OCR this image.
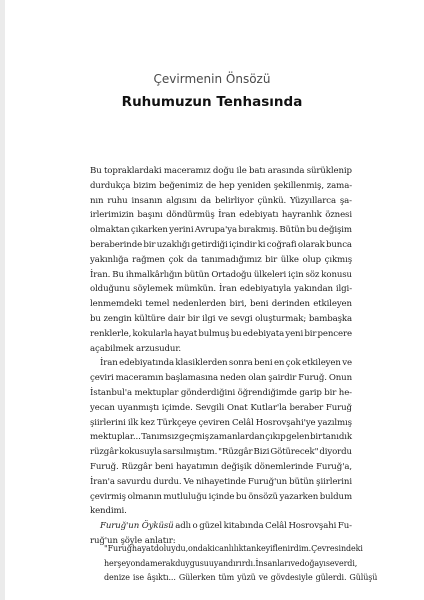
Çevirmenin Önsözü
Ruhumuzun Tenhasında
Bu topraklardaki maceramız doğu ile batı arasında sürüklenip
durdukça bizim beğenimiz de hep yeniden şekillenmiş, zama-
nın ruhu insanın algısını da belirliyor çünkü. Yüzyıllarca şa-
irlerimizin başını döndürmüş İran edebiyatı hayranlık öznesi
olmaktan çıkarken yerini Avrupa'ya bırakmış. Bütün bu değişim
beraberinde bir uzaklığı getirdiği içindir ki coğrafi olarak bunca
yakınlığa rağmen çok da tanımadığımız bir ülke olup çıkmış
İran. Bu ihmalkârlığın bütün Ortadoğu ülkeleri için söz konusu
olduğunu söylemek mümkün. İran edebiyatıyla yakından ilgi-
lenmemdeki temel nedenlerden biri, beni derinden etkileyen
bu zengin kültüre dair bir ilgi ve sevgi oluşturmak; bambaşka
renklerle, kokularla hayat bulmuş bu edebiyata yeni bir pencere
açabilmek arzusudur.
İran edebiyatında klasiklerden sonra beni en çok etkileyen ve
çeviri maceramın başlamasına neden olan şairdir Furuğ. Onun
İstanbul'a mektuplar gönderdiğini öğrendiğimde garip bir he-
yecan uyanmıştı içimde. Sevgili Onat Kutlar'la beraber Furuğ
şiirlerini ilk kez Türkçeye çeviren Celâl Hosrovşahi'ye yazılmış
mektuplar... Tanımsız geçmiş zamanlardan çıkıp gelen bir tanıdık
rüzgâr kokusuyla sarsılmıştım. "Rüzgâr Bizi Götürecek" diyordu
Furuğ. Rüzgâr beni hayatımın değişik dönemlerinde Furuğ'a,
İran'a savurdu durdu. Ve nihayetinde Furuğ'un bütün şiirlerini
çevirmiş olmanın mutluluğu içinde bu önsözü yazarken buldum
kendimi.
Furuğ'un Öyküsü adlı o güzel kitabında Celâl Hosrovşahi Fu-
ruğ'un şöyle anlatır:
"Furuğ hayat doluydu, ondaki canlılıktan keyiflenirdim. Çevresindeki
her şey onda merak duygusu uyandırırdı. İnsanları ve doğayı severdi,
denize ise âşıktı... Gülerken tüm yüzü ve gövdesiyle gülerdi. Gülüşü
